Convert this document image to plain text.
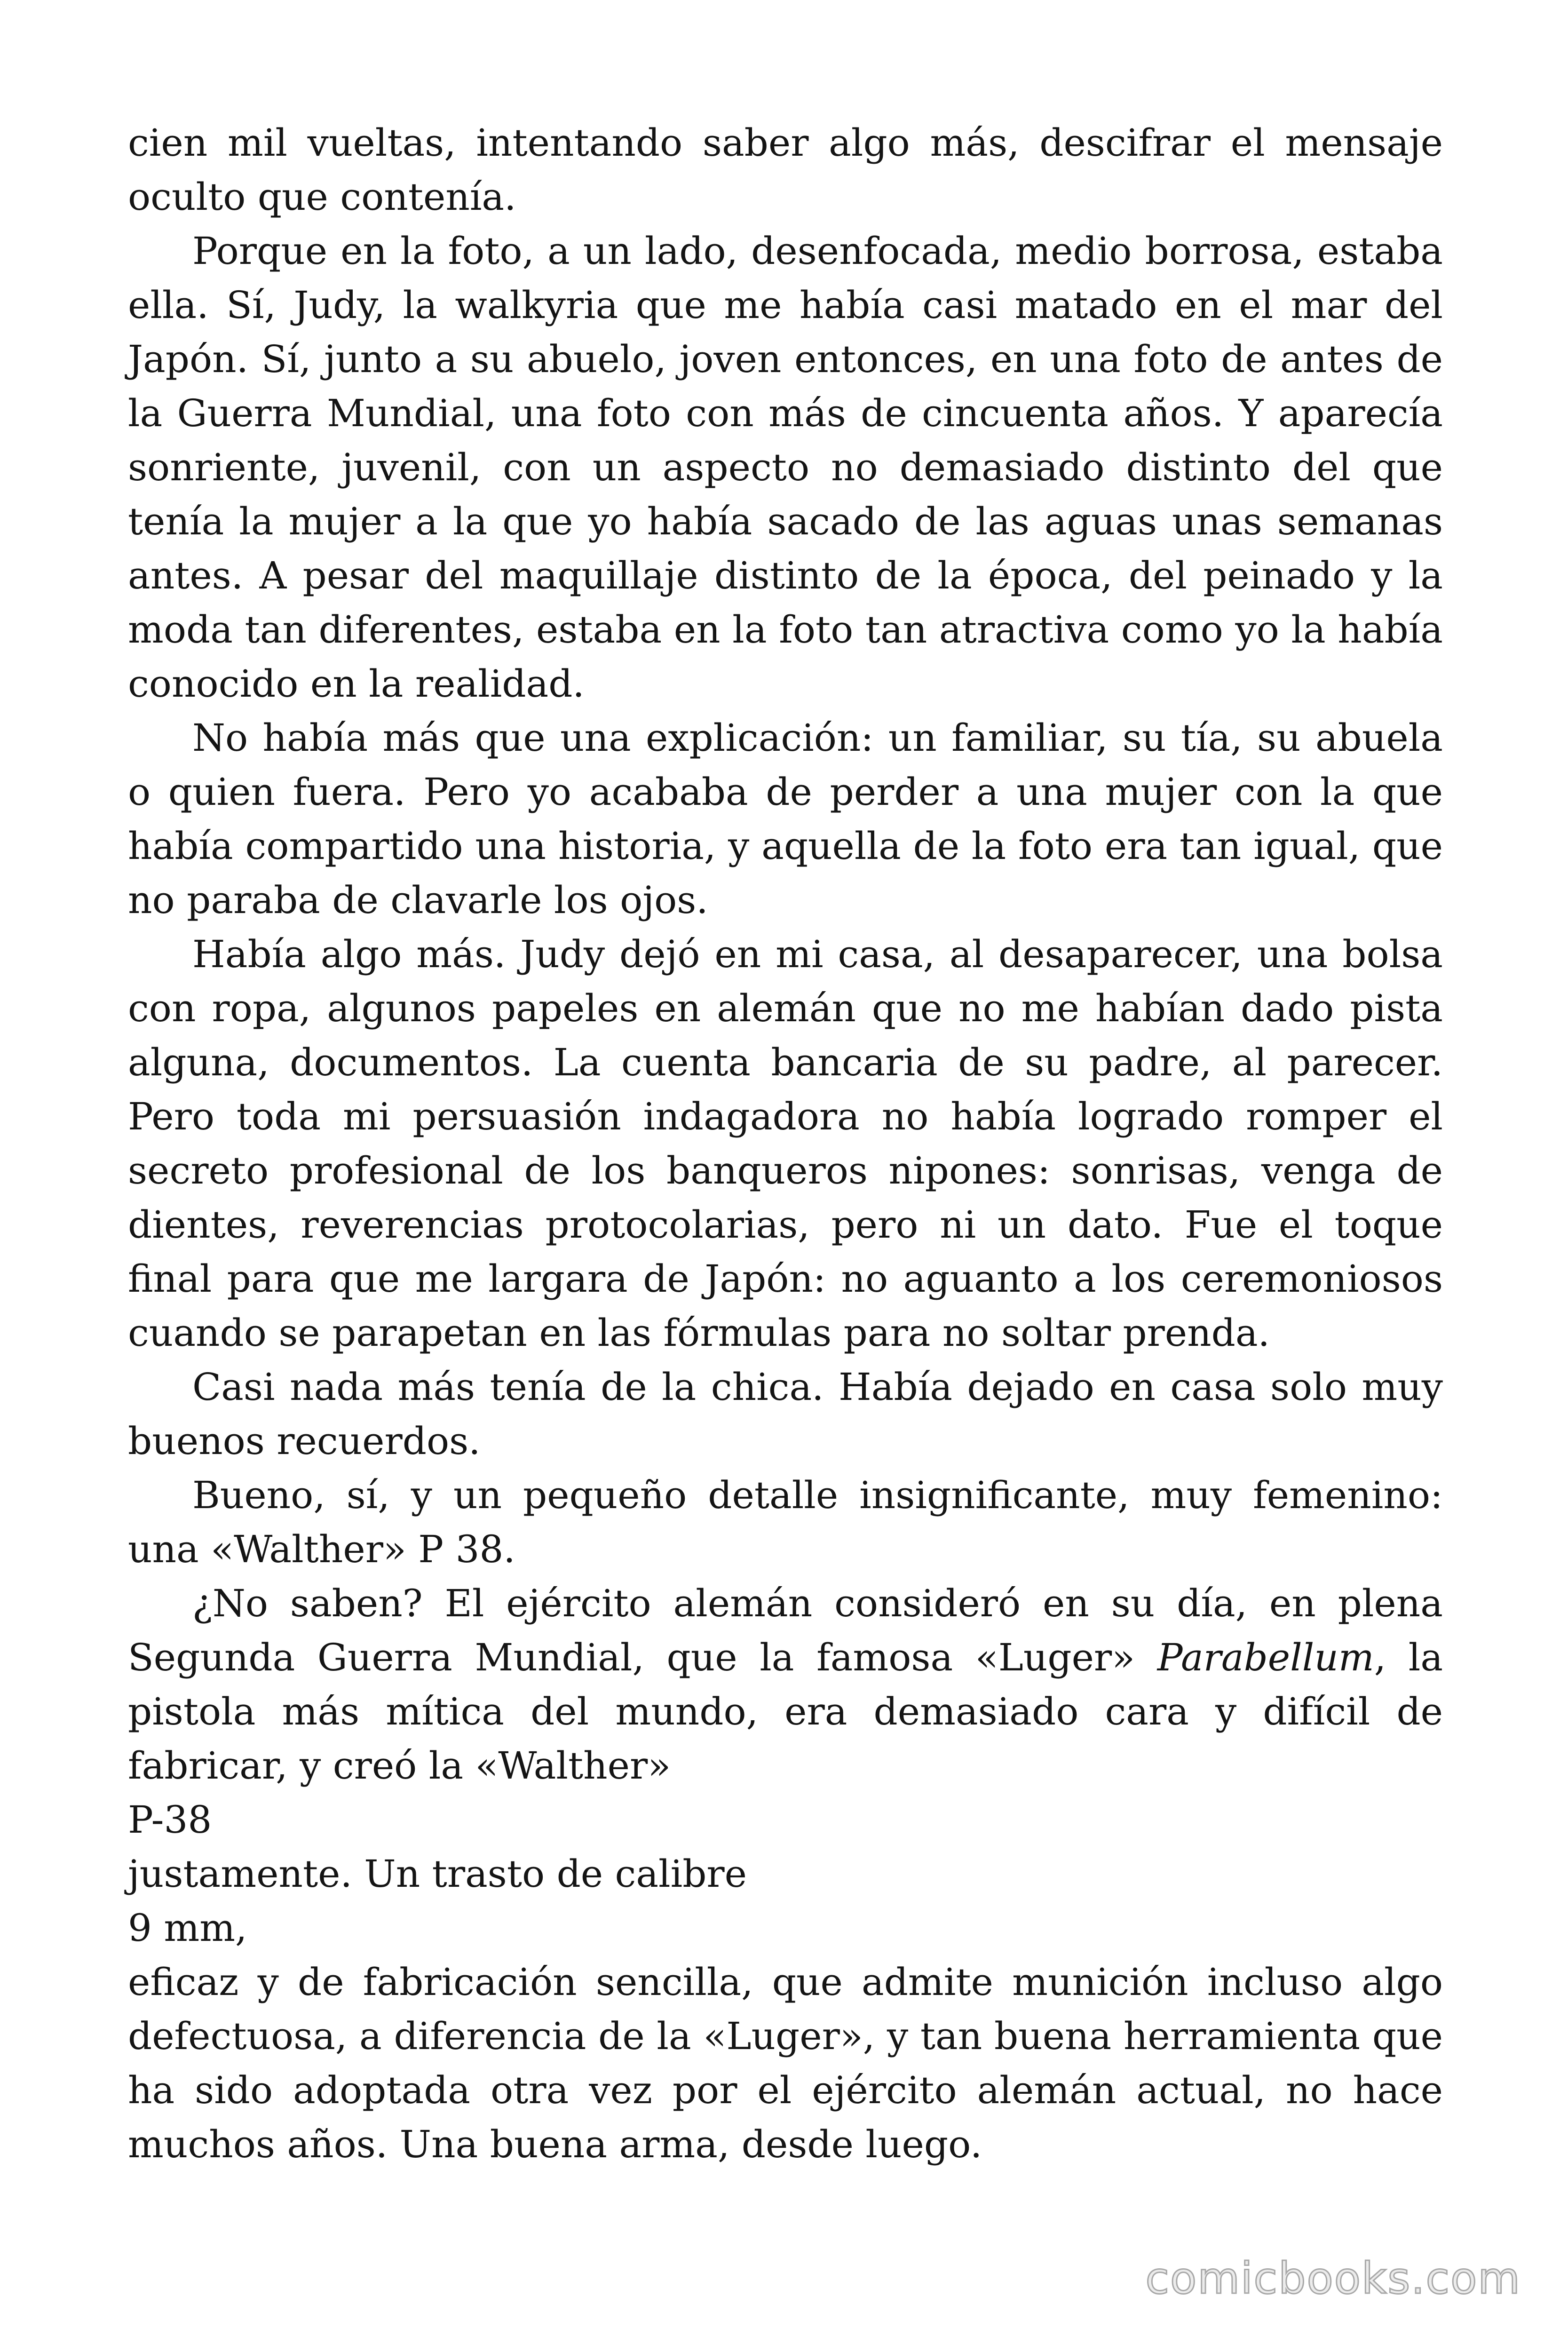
cien mil vueltas, intentando saber algo más, descifrar el mensaje oculto que contenía.

Porque en la foto, a un lado, desenfocada, medio borrosa, estaba ella. Sí, Judy, la walkyria que me había casi matado en el mar del Japón. Sí, junto a su abuelo, joven entonces, en una foto de antes de la Guerra Mundial, una foto con más de cincuenta años. Y aparecía sonriente, juvenil, con un aspecto no demasiado distinto del que tenía la mujer a la que yo había sacado de las aguas unas semanas antes. A pesar del maquillaje distinto de la época, del peinado y la moda tan diferentes, estaba en la foto tan atractiva como yo la había conocido en la realidad.

No había más que una explicación: un familiar, su tía, su abuela o quien fuera. Pero yo acababa de perder a una mujer con la que había compartido una historia, y aquella de la foto era tan igual, que no paraba de clavarle los ojos.

Había algo más. Judy dejó en mi casa, al desaparecer, una bolsa con ropa, algunos papeles en alemán que no me habían dado pista alguna, documentos. La cuenta bancaria de su padre, al parecer. Pero toda mi persuasión indagadora no había logrado romper el secreto profesional de los banqueros nipones: sonrisas, venga de dientes, reverencias protocolarias, pero ni un dato. Fue el toque final para que me largara de Japón: no aguanto a los ceremoniosos cuando se parapetan en las fórmulas para no soltar prenda.

Casi nada más tenía de la chica. Había dejado en casa solo muy buenos recuerdos.

Bueno, sí, y un pequeño detalle insignificante, muy femenino: una «Walther» P 38.

¿No saben? El ejército alemán consideró en su día, en plena Segunda Guerra Mundial, que la famosa «Luger» Parabellum, la pistola más mítica del mundo, era demasiado cara y difícil de fabricar, y creó la «Walther»

P-38

justamente. Un trasto de calibre

9 mm,

eficaz y de fabricación sencilla, que admite munición incluso algo defectuosa, a diferencia de la «Luger», y tan buena herramienta que ha sido adoptada otra vez por el ejército alemán actual, no hace muchos años. Una buena arma, desde luego.

comicbooks.com
